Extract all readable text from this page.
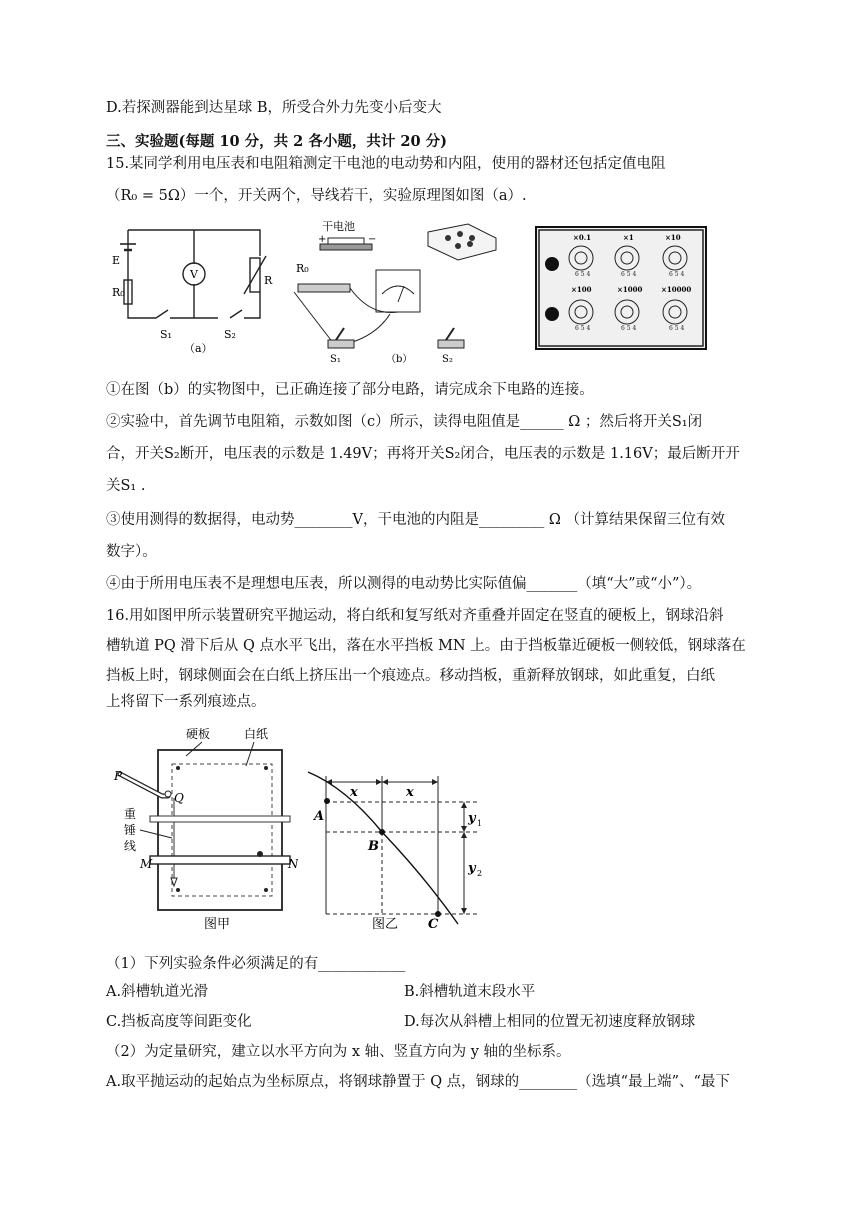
D.若探测器能到达星球 B，所受合外力先变小后变大
三、实验题(每题 10 分，共 2 各小题，共计 20 分)
15.某同学利用电压表和电阻箱测定干电池的电动势和内阻，使用的器材还包括定值电阻
（R₀ = 5Ω）一个，开关两个，导线若干，实验原理图如图（a）.
E
R₀
V	R
S₁	S₂
（a）
干电池
+	−
R₀
S₁	（b）	S₂
×0.1	×1	×10
×100	×1000	×10000
6 5 4	6 5 4	6 5 4
6 5 4	6 5 4	6 5 4
①在图（b）的实物图中，已正确连接了部分电路，请完成余下电路的连接。
②实验中，首先调节电阻箱，示数如图（c）所示，读得电阻值是______ Ω ；然后将开关S₁闭
合，开关S₂断开，电压表的示数是 1.49V；再将开关S₂闭合，电压表的示数是 1.16V；最后断开开
关S₁ .
③使用测得的数据得，电动势________V，干电池的内阻是_________ Ω （计算结果保留三位有效
数字）。
④由于所用电压表不是理想电压表，所以测得的电动势比实际值偏_______（填“大”或“小”）。
16.用如图甲所示装置研究平抛运动，将白纸和复写纸对齐重叠并固定在竖直的硬板上，钢球沿斜
槽轨道 PQ 滑下后从 Q 点水平飞出，落在水平挡板 MN 上。由于挡板靠近硬板一侧较低，钢球落在
挡板上时，钢球侧面会在白纸上挤压出一个痕迹点。移动挡板，重新释放钢球，如此重复，白纸
上将留下一系列痕迹点。
硬板	白纸
P
Q
重
锤
线
M	N
图甲
x	x
y 1
y 2
A
B
C
图乙
（1）下列实验条件必须满足的有____________
A.斜槽轨道光滑	B.斜槽轨道末段水平
C.挡板高度等间距变化	D.每次从斜槽上相同的位置无初速度释放钢球
（2）为定量研究，建立以水平方向为 x 轴、竖直方向为 y 轴的坐标系。
A.取平抛运动的起始点为坐标原点，将钢球静置于 Q 点，钢球的________（选填“最上端”、“最下
